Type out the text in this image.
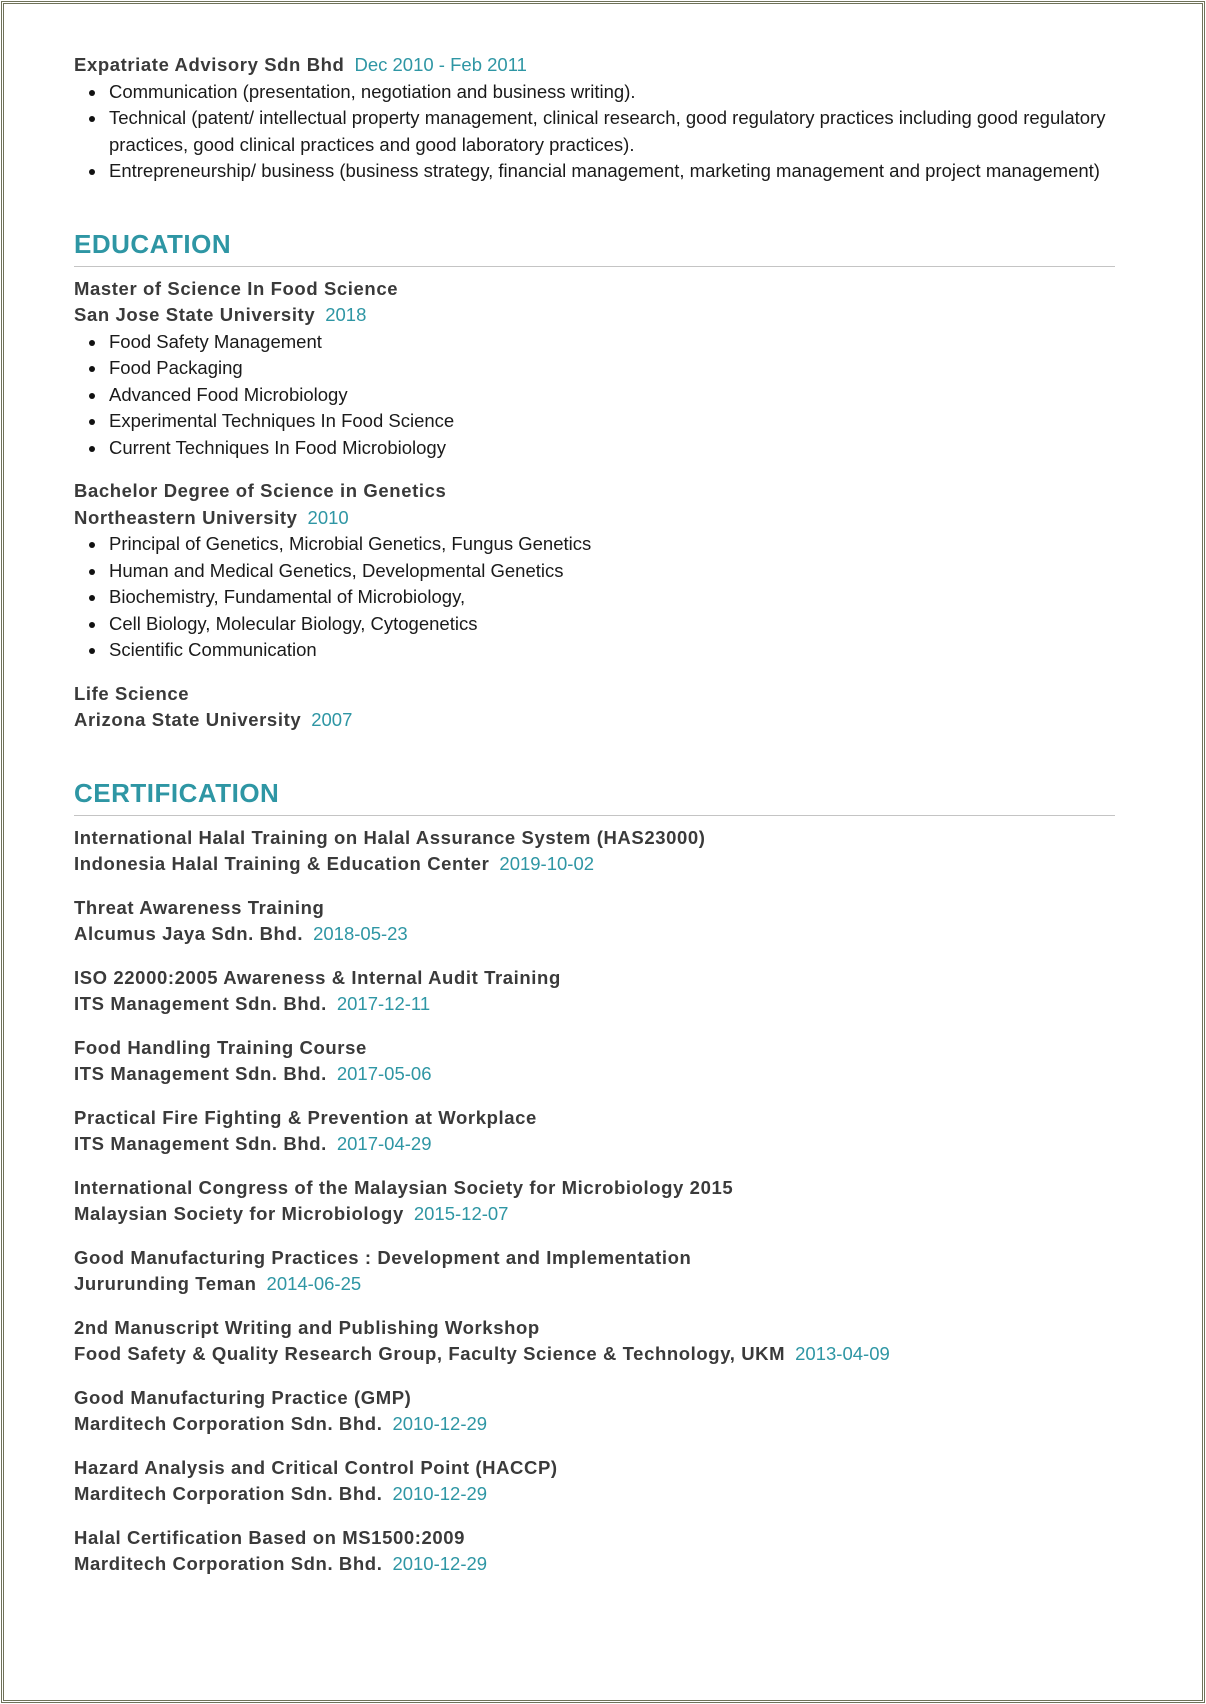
Expatriate Advisory Sdn Bhd Dec 2010 - Feb 2011
Communication (presentation, negotiation and business writing).
Technical (patent/ intellectual property management, clinical research, good regulatory practices including good regulatory practices, good clinical practices and good laboratory practices).
Entrepreneurship/ business (business strategy, financial management, marketing management and project management)
EDUCATION
Master of Science In Food Science
San Jose State University 2018
Food Safety Management
Food Packaging
Advanced Food Microbiology
Experimental Techniques In Food Science
Current Techniques In Food Microbiology
Bachelor Degree of Science in Genetics
Northeastern University 2010
Principal of Genetics, Microbial Genetics, Fungus Genetics
Human and Medical Genetics, Developmental Genetics
Biochemistry, Fundamental of Microbiology,
Cell Biology, Molecular Biology, Cytogenetics
Scientific Communication
Life Science
Arizona State University 2007
CERTIFICATION
International Halal Training on Halal Assurance System (HAS23000)
Indonesia Halal Training & Education Center 2019-10-02
Threat Awareness Training
Alcumus Jaya Sdn. Bhd. 2018-05-23
ISO 22000:2005 Awareness & Internal Audit Training
ITS Management Sdn. Bhd. 2017-12-11
Food Handling Training Course
ITS Management Sdn. Bhd. 2017-05-06
Practical Fire Fighting & Prevention at Workplace
ITS Management Sdn. Bhd. 2017-04-29
International Congress of the Malaysian Society for Microbiology 2015
Malaysian Society for Microbiology 2015-12-07
Good Manufacturing Practices : Development and Implementation
Jururunding Teman 2014-06-25
2nd Manuscript Writing and Publishing Workshop
Food Safety & Quality Research Group, Faculty Science & Technology, UKM 2013-04-09
Good Manufacturing Practice (GMP)
Marditech Corporation Sdn. Bhd. 2010-12-29
Hazard Analysis and Critical Control Point (HACCP)
Marditech Corporation Sdn. Bhd. 2010-12-29
Halal Certification Based on MS1500:2009
Marditech Corporation Sdn. Bhd. 2010-12-29
